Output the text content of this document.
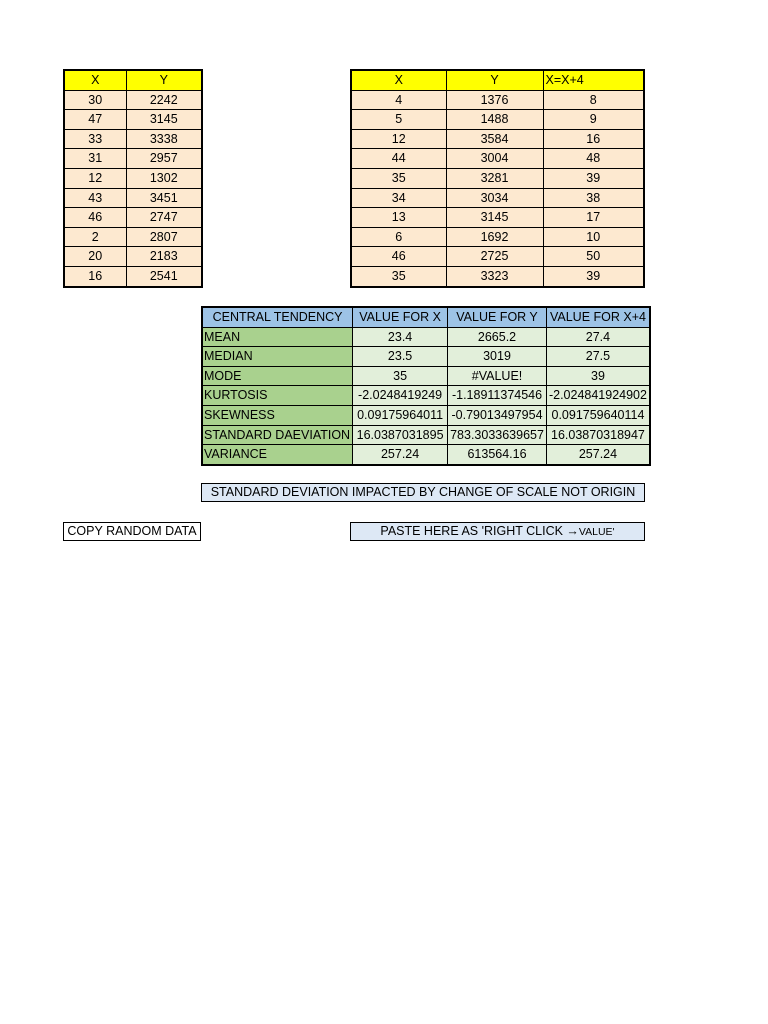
X	Y
30	2242
47	3145
33	3338
31	2957
12	1302
43	3451
46	2747
2	2807
20	2183
16	2541
X	Y	X=X+4
4	1376	8
5	1488	9
12	3584	16
44	3004	48
35	3281	39
34	3034	38
13	3145	17
6	1692	10
46	2725	50
35	3323	39
CENTRAL TENDENCY	VALUE FOR X	VALUE FOR Y	VALUE FOR X+4
MEAN	23.4	2665.2	27.4
MEDIAN	23.5	3019	27.5
MODE	35	#VALUE!	39
KURTOSIS	-2.0248419249	-1.18911374546	-2.024841924902
SKEWNESS	0.09175964011	-0.79013497954	0.091759640114
STANDARD DAEVIATION	16.0387031895	783.3033639657	16.03870318947
VARIANCE	257.24	613564.16	257.24
STANDARD DEVIATION IMPACTED BY CHANGE OF SCALE NOT ORIGIN
COPY RANDOM DATA	PASTE HERE AS 'RIGHT CLICK →VALUE'
